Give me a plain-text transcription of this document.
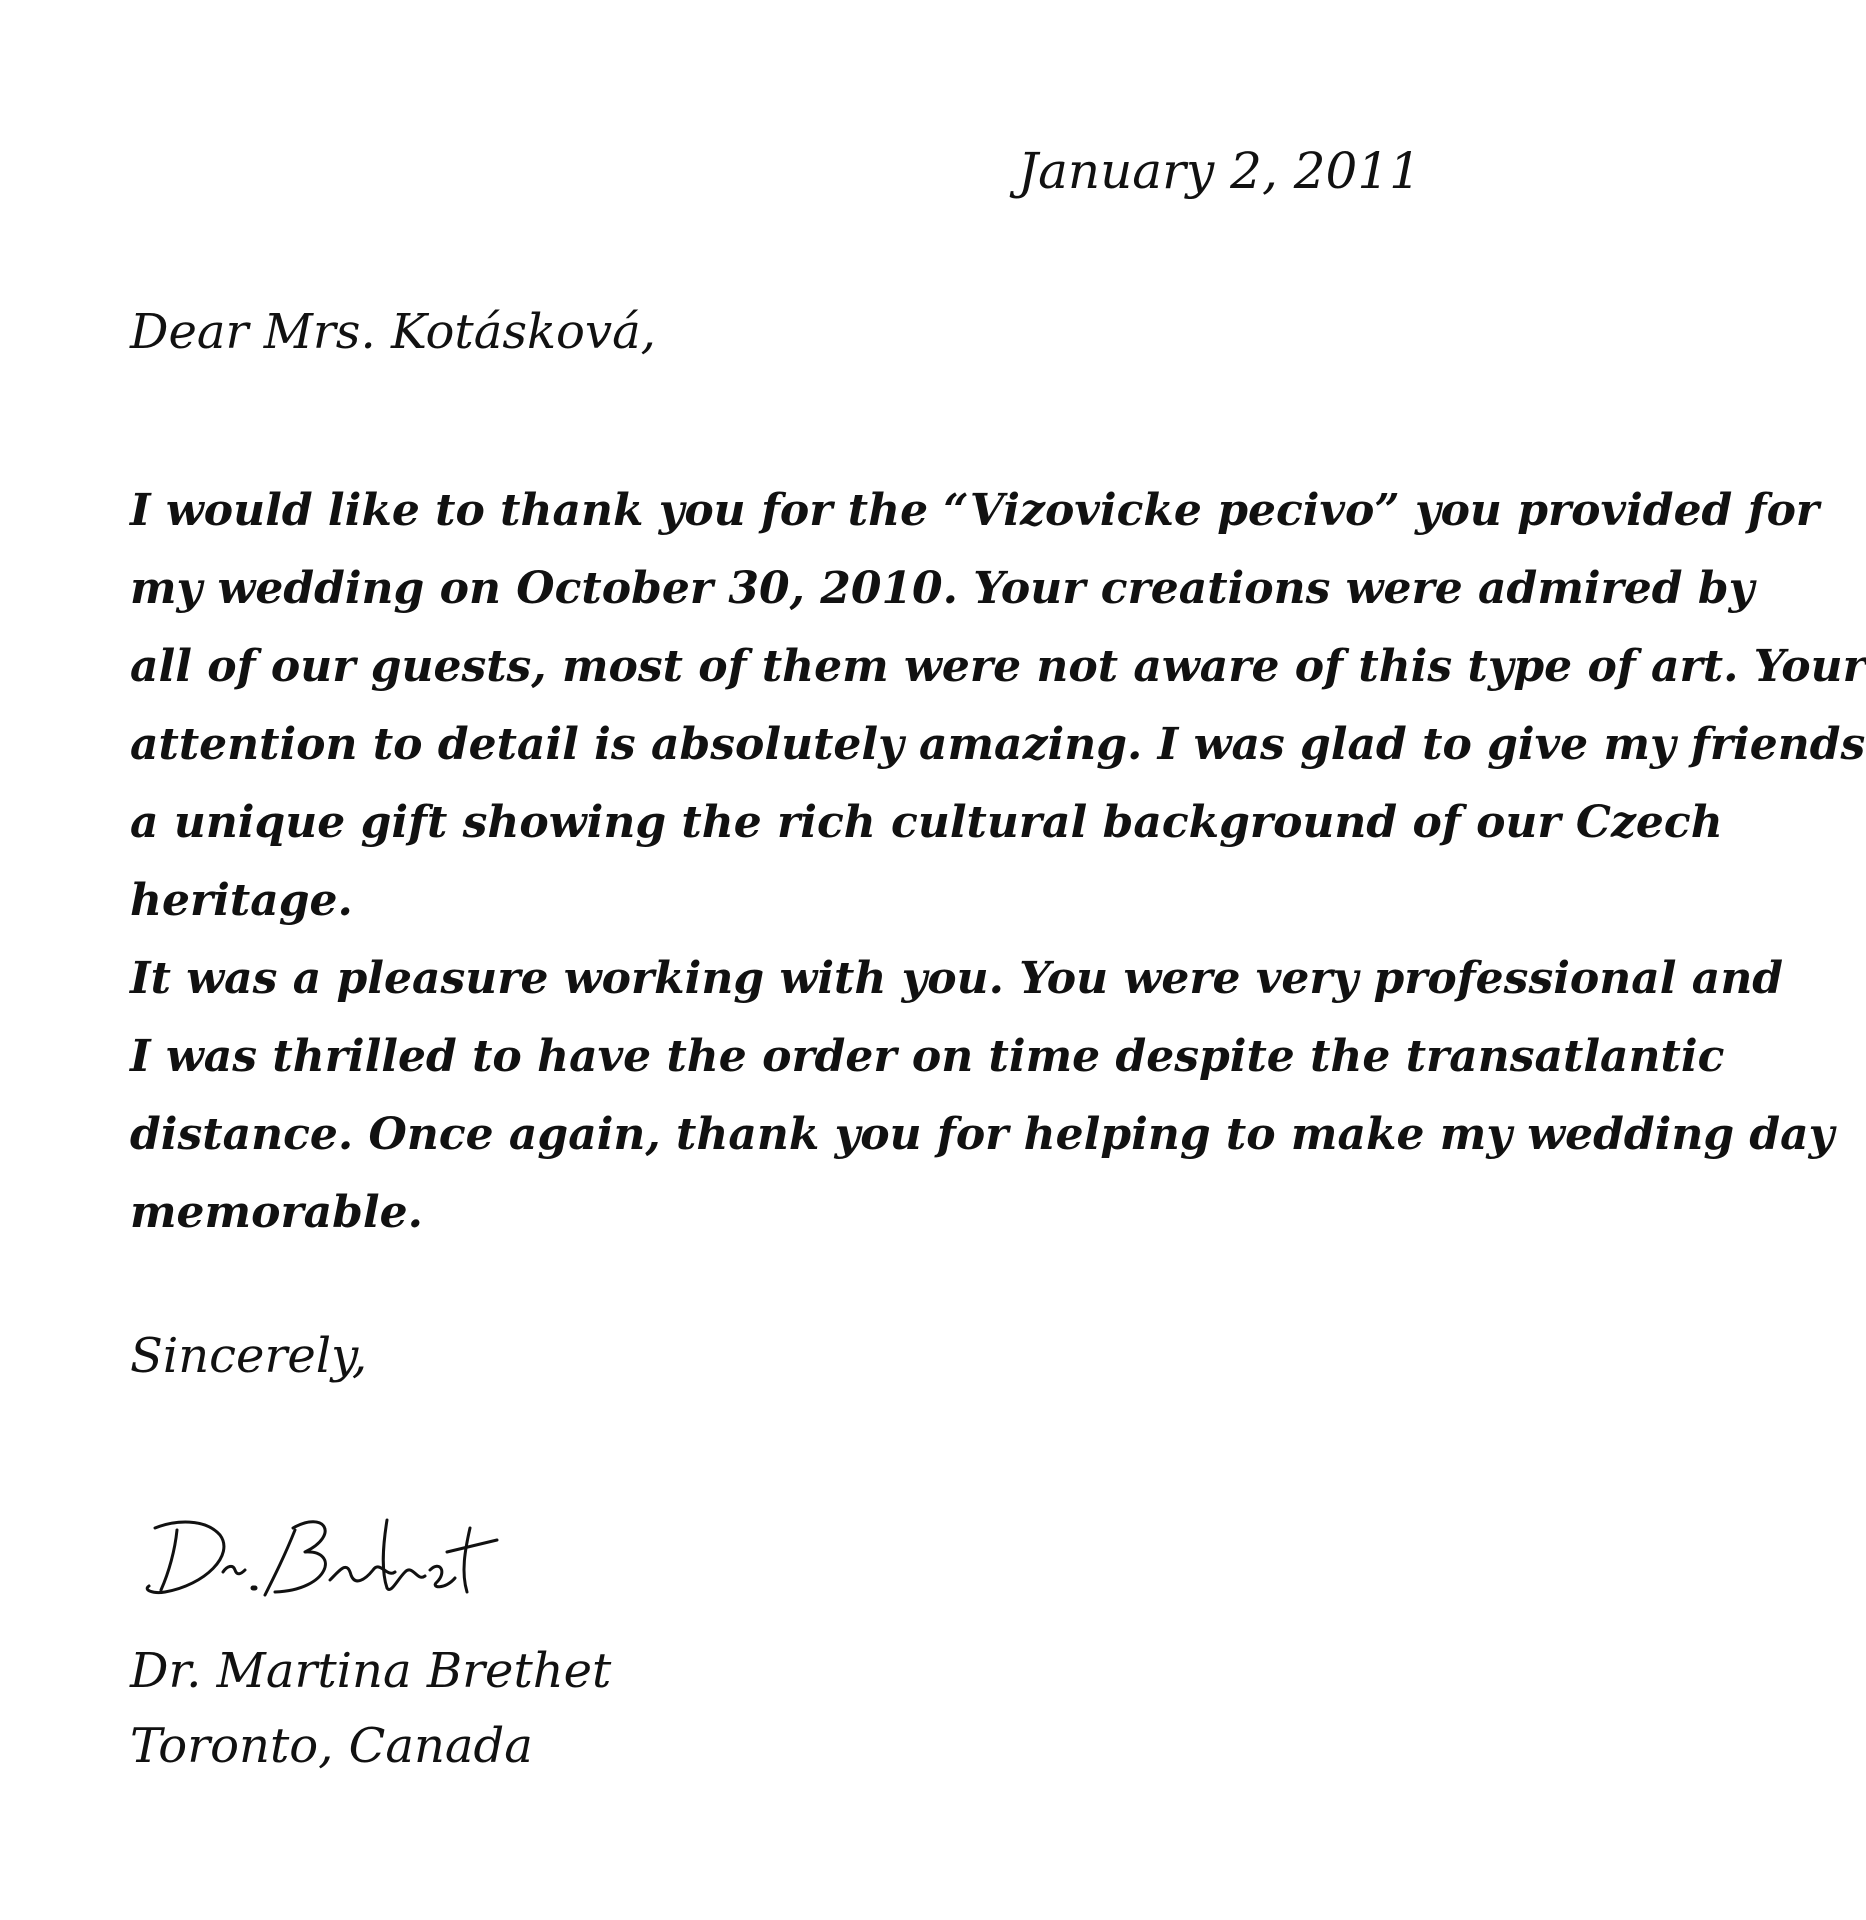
January 2, 2011
Dear Mrs. Kotásková,
I would like to thank you for the “Vizovicke pecivo” you provided for
my wedding on October 30, 2010. Your creations were admired by
all of our guests, most of them were not aware of this type of art. Your
attention to detail is absolutely amazing. I was glad to give my friends
a unique gift showing the rich cultural background of our Czech
heritage.
It was a pleasure working with you. You were very professional and
I was thrilled to have the order on time despite the transatlantic
distance. Once again, thank you for helping to make my wedding day
memorable.
Sincerely,
Dr. Martina Brethet
Toronto, Canada
